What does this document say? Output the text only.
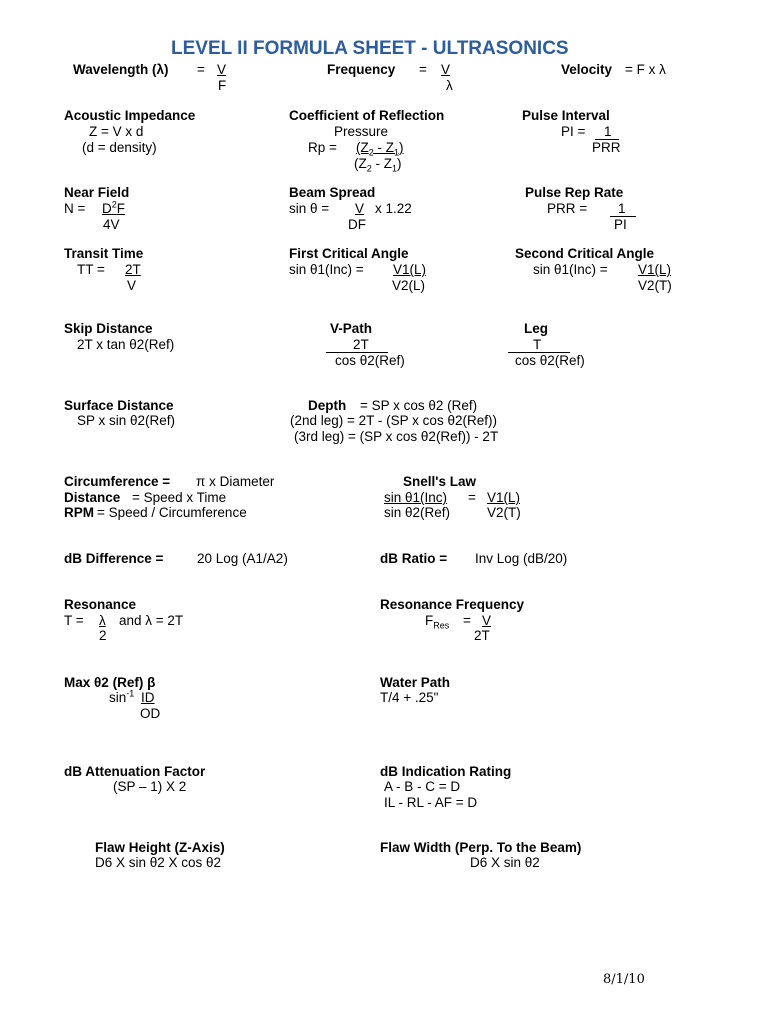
LEVEL II FORMULA SHEET - ULTRASONICS
Wavelength (λ) = V
F
Frequency = V
λ
Velocity = F x λ
Acoustic Impedance
Z = V x d
(d = density)
Coefficient of Reflection
Pressure
$Rp = (Z_2 - Z_1)$
$(Z_2 - Z_1)$
Pulse Interval
PI = 1
PRR
Near Field
$N = D^2F$
4V
Beam Spread
sin θ = V x 1.22
DF
Pulse Rep Rate
PRR = 1
PI
Transit Time
TT = 2T
V
First Critical Angle
sin θ1(Inc) = V1(L)
V2(L)
Second Critical Angle
sin θ1(Inc) = V1(L)
V2(T)
Skip Distance
2T x tan θ2(Ref)
V-Path
2T
cos θ2(Ref)
Leg
T
cos θ2(Ref)
Surface Distance
SP x sin θ2(Ref)
Depth = SP x cos θ2 (Ref)
(2nd leg) = 2T - (SP x cos θ2(Ref))
(3rd leg) = (SP x cos θ2(Ref)) - 2T
Circumference = π x Diameter
Distance = Speed x Time
RPM = Speed / Circumference
Snell's Law
sin θ1(Inc) = V1(L)
sin θ2(Ref)	V2(T)
dB Difference = 20 Log (A1/A2)	dB Ratio = Inv Log (dB/20)
Resonance
T = λ and λ = 2T
2
Resonance Frequency
$F_{Res} = V$
2T
Max θ2 (Ref) β
$\sin^{-1}$ ID
OD
Water Path
T/4 + .25"
dB Attenuation Factor
(SP – 1) X 2
dB Indication Rating
A - B - C = D
IL - RL - AF = D
Flaw Height (Z-Axis)
D6 X sin θ2 X cos θ2
Flaw Width (Perp. To the Beam)
D6 X sin θ2
8/1/10
